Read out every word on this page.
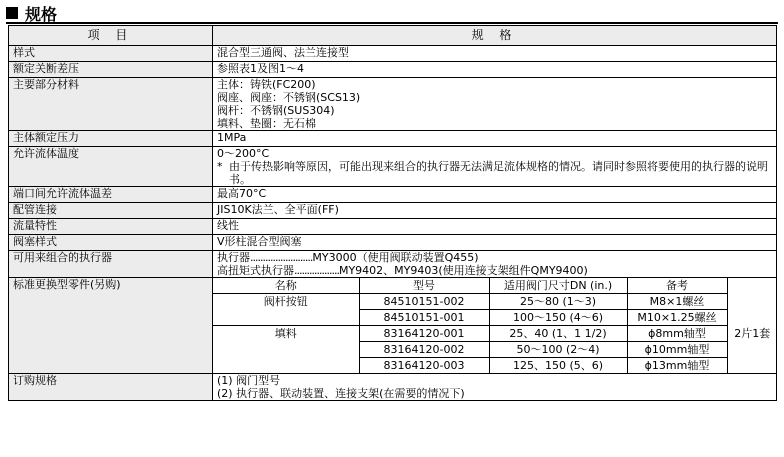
规格
项 目	规 格
样式	混合型三通阀、法兰连接型
额定关断差压	参照表1及图1～4
主要部分材料	主体：铸铁(FC200)
阀座、阀座：不锈钢(SCS13)
阀杆：不锈钢(SUS304)
填料、垫圈：无石棉

主体额定压力	1MPa
允许流体温度	0～200°C
* 由于传热影响等原因，可能出现来组合的执行器无法满足流体规格的情况。请同时参照将要使用的执行器的说明书。

端口间允许流体温差	最高70°C
配管连接	JIS10K法兰、全平面(FF)
流量特性	线性
阀塞样式	V形柱混合型阀塞
可用来组合的执行器	执行器.........................MY3000（使用阀联动装置Q455)
高扭矩式执行器..................MY9402、MY9403(使用连接支架组件QMY9400)

标准更换型零件(另购)		名称	型号	适用阀门尺寸DN (in.)	备考	
阀杆按钮	84510151-002	25～80 (1～3)	M8×1螺丝	
	84510151-001	100～150 (4～6)	M10×1.25螺丝	
填料	83164120-001	25、40 (1、1 1/2)	ϕ8mm轴型	2片1套
	83164120-002	50～100 (2～4)	ϕ10mm轴型	
	83164120-003	125、150 (5、6)	ϕ13mm轴型	

订购规格	(1) 阀门型号
(2) 执行器、联动装置、连接支架(在需要的情况下)
